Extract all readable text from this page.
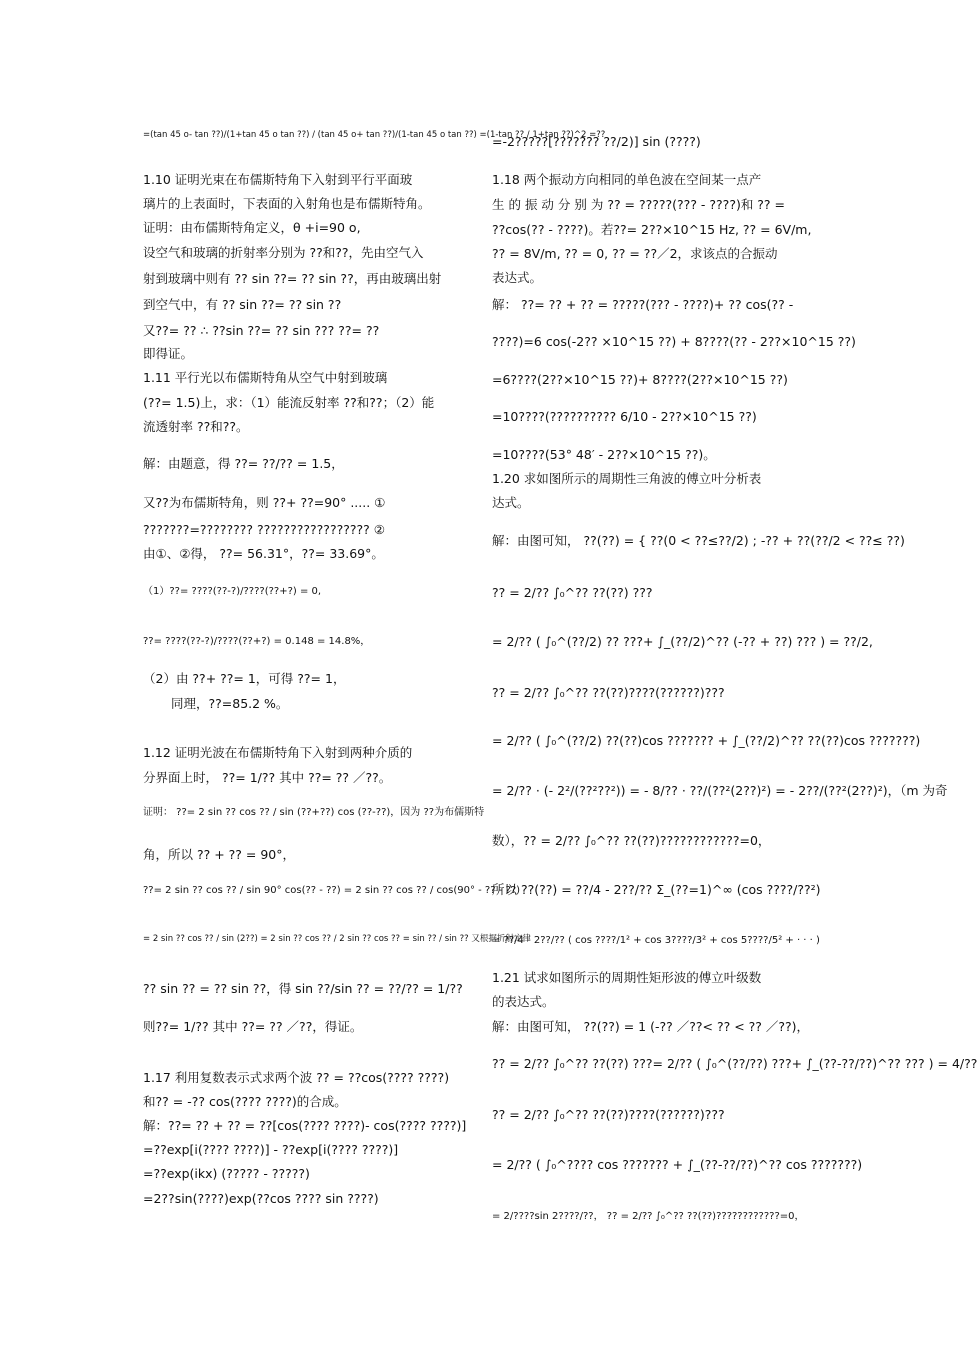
=(tan 45 o- tan ??)/(1+tan 45 o tan ??) / (tan 45 o+ tan ??)/(1-tan 45 o tan ??) =(1-tan ?? / 1+tan ??)^2 =??
1.10 证明光束在布儒斯特角下入射到平行平面玻
璃片的上表面时，下表面的入射角也是布儒斯特角。
证明：由布儒斯特角定义，θ +i=90 o,
设空气和玻璃的折射率分别为 ??和??，先由空气入
射到玻璃中则有 ?? sin ??= ?? sin ??，再由玻璃出射
到空气中，有 ?? sin ??= ?? sin ??
又??= ?? ∴ ??sin ??= ?? sin ??? ??= ??
即得证。
1.11 平行光以布儒斯特角从空气中射到玻璃
(??= 1.5)上，求：（1）能流反射率 ??和??；（2）能
流透射率 ??和??。
解：由题意，得 ??= ??/?? = 1.5，
又??为布儒斯特角，则 ??+ ??=90° ..... ①
???????=???????? ????????????????? ②
由①、②得， ??= 56.31°，??= 33.69°。
（1）??= ????(??-?)/????(??+?) = 0,
??= ????(??-?)/????(??+?) = 0.148 = 14.8%，
（2）由 ??+ ??= 1，可得 ??= 1，
同理，??=85.2 %。
1.12 证明光波在布儒斯特角下入射到两种介质的
分界面上时， ??= 1/?? 其中 ??= ?? ／??。
证明： ??= 2 sin ?? cos ?? / sin (??+??) cos (??-??)，因为 ??为布儒斯特
角，所以 ?? + ?? = 90°，
??= 2 sin ?? cos ?? / sin 90° cos(?? - ??) = 2 sin ?? cos ?? / cos(90° - ?? - ??)
= 2 sin ?? cos ?? / sin (2??) = 2 sin ?? cos ?? / 2 sin ?? cos ?? = sin ?? / sin ?? 又根据折射定律
?? sin ?? = ?? sin ??，得 sin ??/sin ?? = ??/?? = 1/??
则??= 1/?? 其中 ??= ?? ／??，得证。
1.17 利用复数表示式求两个波 ?? = ??cos(???? ????)
和?? = -?? cos(???? ????)的合成。
解：??= ?? + ?? = ??[cos(???? ????)- cos(???? ????)]
=??exp[i(???? ????)] - ??exp[i(???? ????)]
=??exp(ikx) (????? - ?????)
=2??sin(????)exp(??cos ???? sin ????)
=-2?????[??????? ??/2)] sin (????)
1.18 两个振动方向相同的单色波在空间某一点产
生 的 振 动 分 别 为 ?? = ?????(??? - ????)和 ?? =
??cos(?? - ????)。若??= 2??×10^15 Hz, ?? = 6V/m,
?? = 8V/m, ?? = 0, ?? = ??／2，求该点的合振动
表达式。
解： ??= ?? + ?? = ?????(??? - ????)+ ?? cos(?? -
????)=6 cos(-2?? ×10^15 ??) + 8????(?? - 2??×10^15 ??)
=6????(2??×10^15 ??)+ 8????(2??×10^15 ??)
=10????(?????????? 6/10 - 2??×10^15 ??)
=10????(53° 48′ - 2??×10^15 ??)。
1.20 求如图所示的周期性三角波的傅立叶分析表
达式。
解：由图可知， ??(??) = { ??(0 < ??≤??/2) ; -?? + ??(??/2 < ??≤ ??)
?? = 2/?? ∫₀^?? ??(??) ???
= 2/?? ( ∫₀^(??/2) ?? ???+ ∫_(??/2)^?? (-?? + ??) ??? ) = ??/2,
?? = 2/?? ∫₀^?? ??(??)????(??????)???
= 2/?? ( ∫₀^(??/2) ??(??)cos ??????? + ∫_(??/2)^?? ??(??)cos ???????)
= 2/?? · (- 2²/(??²??²)) = - 8/?? · ??/(??²(2??)²) = - 2??/(??²(2??)²)，（m 为奇
数），?? = 2/?? ∫₀^?? ??(??)????????????=0，
所以 ??(??) = ??/4 - 2??/?? Σ_(??=1)^∞ (cos ????/??²)
= ??/4 - 2??/?? ( cos ????/1² + cos 3????/3² + cos 5????/5² + · · · )
1.21 试求如图所示的周期性矩形波的傅立叶级数
的表达式。
解：由图可知， ??(??) = 1 (-?? ／??< ?? < ?? ／??)，
?? = 2/?? ∫₀^?? ??(??) ???= 2/?? ( ∫₀^(??/??) ???+ ∫_(??-??/??)^?? ??? ) = 4/??
?? = 2/?? ∫₀^?? ??(??)????(??????)???
= 2/?? ( ∫₀^???? cos ??????? + ∫_(??-??/??)^?? cos ???????)
= 2/????sin 2????/??， ?? = 2/?? ∫₀^?? ??(??)????????????=0，
